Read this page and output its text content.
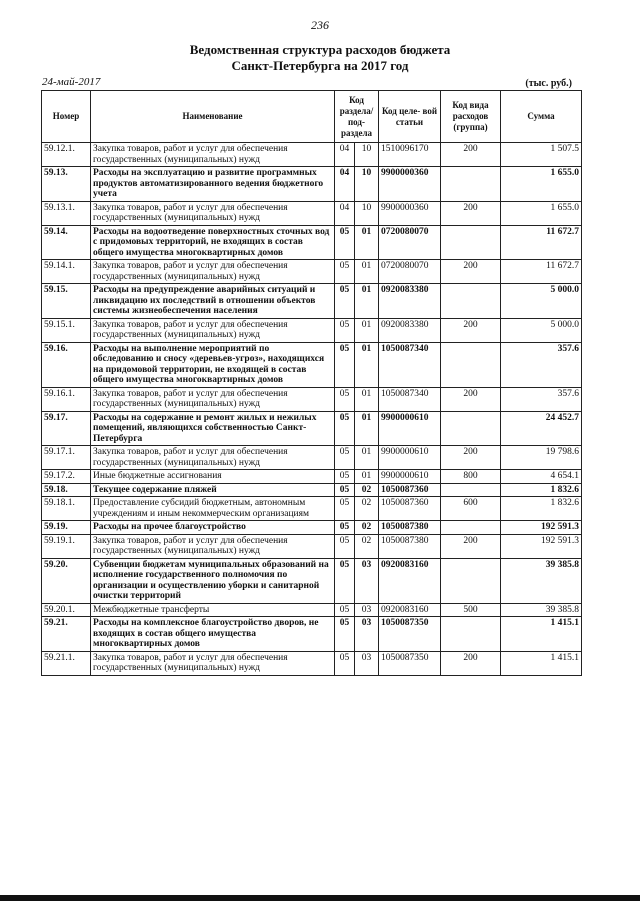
236
Ведомственная структура расходов бюджета
Санкт-Петербурга на 2017 год
24-май-2017	(тыс. руб.)
Номер	Наименование	Код раздела/ под- раздела		Код целе- вой статьи	Код вида расходов (группа)	Сумма
59.12.1.	Закупка товаров, работ и услуг для обеспечения государственных (муниципальных) нужд	04	10	1510096170	200	1 507.5
59.13.	Расходы на эксплуатацию и развитие программных продуктов автоматизированного ведения бюджетного учета	04	10	9900000360		1 655.0
59.13.1.	Закупка товаров, работ и услуг для обеспечения государственных (муниципальных) нужд	04	10	9900000360	200	1 655.0
59.14.	Расходы на водоотведение поверхностных сточных вод с придомовых территорий, не входящих в состав общего имущества многоквартирных домов	05	01	0720080070		11 672.7
59.14.1.	Закупка товаров, работ и услуг для обеспечения государственных (муниципальных) нужд	05	01	0720080070	200	11 672.7
59.15.	Расходы на предупреждение аварийных ситуаций и ликвидацию их последствий в отношении объектов системы жизнеобеспечения населения	05	01	0920083380		5 000.0
59.15.1.	Закупка товаров, работ и услуг для обеспечения государственных (муниципальных) нужд	05	01	0920083380	200	5 000.0
59.16.	Расходы на выполнение мероприятий по обследованию и сносу «деревьев-угроз», находящихся на придомовой территории, не входящей в состав общего имущества многоквартирных домов	05	01	1050087340		357.6
59.16.1.	Закупка товаров, работ и услуг для обеспечения государственных (муниципальных) нужд	05	01	1050087340	200	357.6
59.17.	Расходы на содержание и ремонт жилых и нежилых помещений, являющихся собственностью Санкт-Петербурга	05	01	9900000610		24 452.7
59.17.1.	Закупка товаров, работ и услуг для обеспечения государственных (муниципальных) нужд	05	01	9900000610	200	19 798.6
59.17.2.	Иные бюджетные ассигнования	05	01	9900000610	800	4 654.1
59.18.	Текущее содержание пляжей	05	02	1050087360		1 832.6
59.18.1.	Предоставление субсидий бюджетным, автономным учреждениям и иным некоммерческим организациям	05	02	1050087360	600	1 832.6
59.19.	Расходы на прочее благоустройство	05	02	1050087380		192 591.3
59.19.1.	Закупка товаров, работ и услуг для обеспечения государственных (муниципальных) нужд	05	02	1050087380	200	192 591.3
59.20.	Субвенции бюджетам муниципальных образований на исполнение государственного полномочия по организации и осуществлению уборки и санитарной очистки территорий	05	03	0920083160		39 385.8
59.20.1.	Межбюджетные трансферты	05	03	0920083160	500	39 385.8
59.21.	Расходы на комплексное благоустройство дворов, не входящих в состав общего имущества многоквартирных домов	05	03	1050087350		1 415.1
59.21.1.	Закупка товаров, работ и услуг для обеспечения государственных (муниципальных) нужд	05	03	1050087350	200	1 415.1
